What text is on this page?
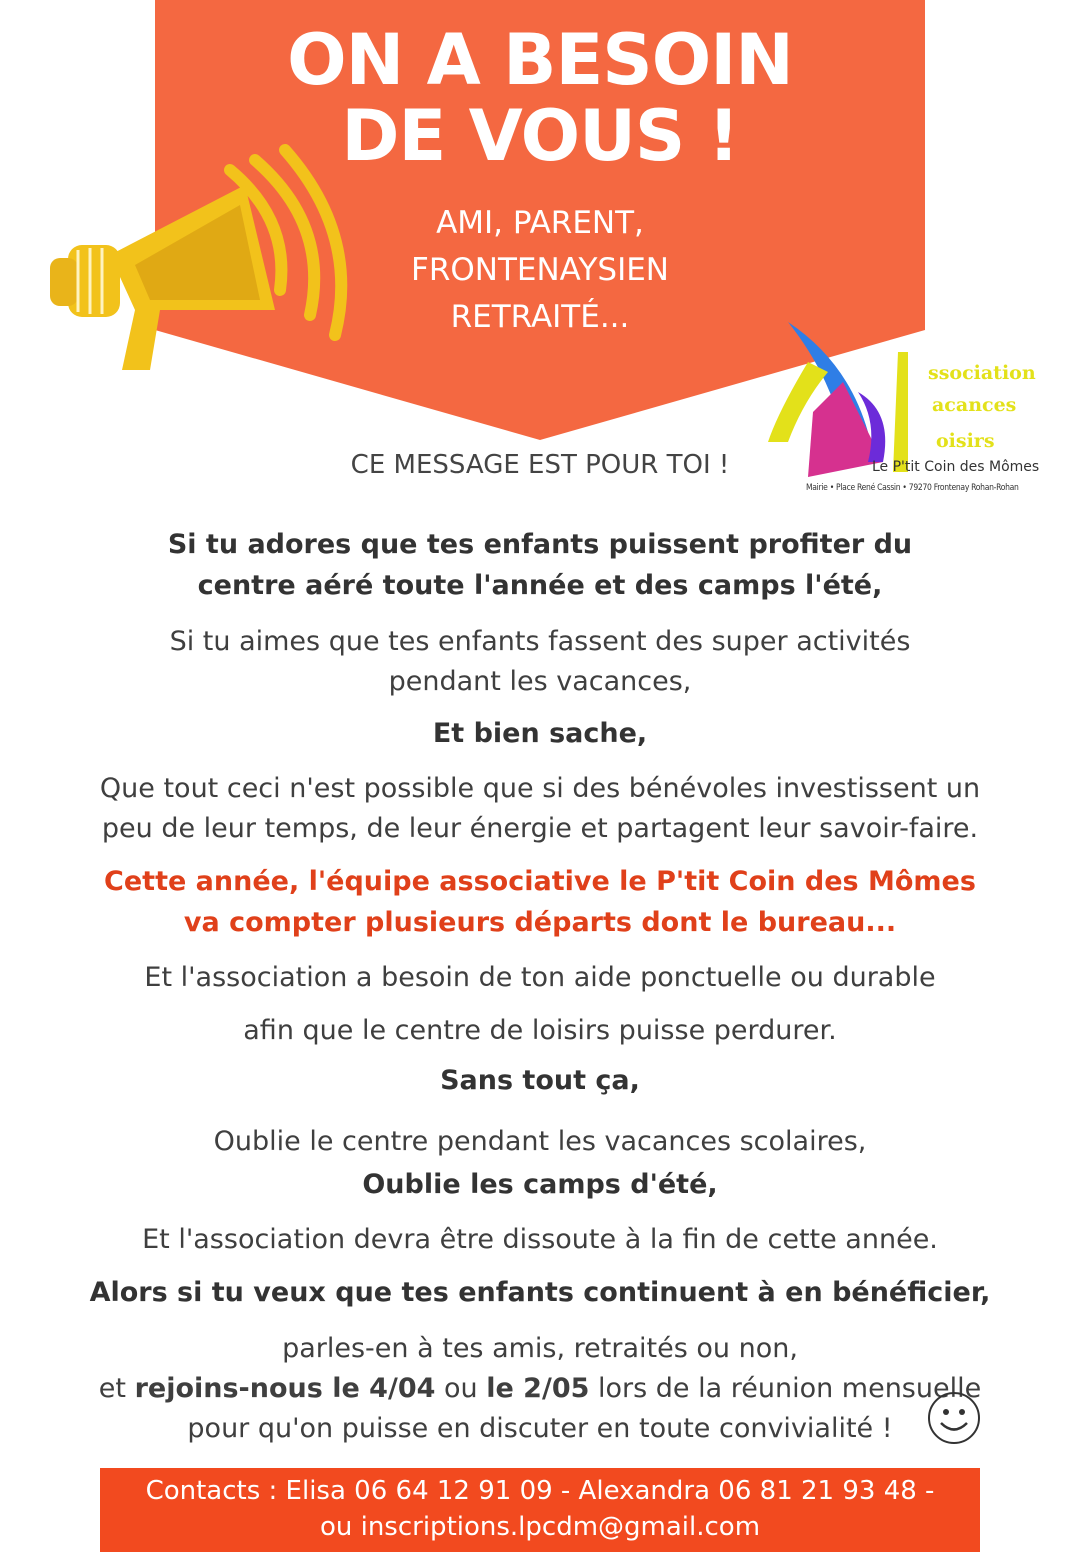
ON A BESOIN
DE VOUS !
AMI, PARENT,
FRONTENAYSIEN
RETRAITÉ...
CE MESSAGE EST POUR TOI !
ssociation
acances
oisirs
Le P'tit Coin des Mômes
Mairie • Place René Cassin • 79270 Frontenay Rohan-Rohan
Si tu adores que tes enfants puissent profiter du
centre aéré toute l'année et des camps l'été,
Si tu aimes que tes enfants fassent des super activités
pendant les vacances,
Et bien sache,
Que tout ceci n'est possible que si des bénévoles investissent un
peu de leur temps, de leur énergie et partagent leur savoir-faire.
Cette année, l'équipe associative le P'tit Coin des Mômes
va compter plusieurs départs dont le bureau...
Et l'association a besoin de ton aide ponctuelle ou durable
afin que le centre de loisirs puisse perdurer.
Sans tout ça,
Oublie le centre pendant les vacances scolaires,
Oublie les camps d'été,
Et l'association devra être dissoute à la fin de cette année.
Alors si tu veux que tes enfants continuent à en bénéficier,
parles-en à tes amis, retraités ou non,
et rejoins-nous le 4/04 ou le 2/05 lors de la réunion mensuelle
pour qu'on puisse en discuter en toute convivialité !
Contacts : Elisa 06 64 12 91 09 - Alexandra 06 81 21 93 48 -
ou inscriptions.lpcdm@gmail.com
